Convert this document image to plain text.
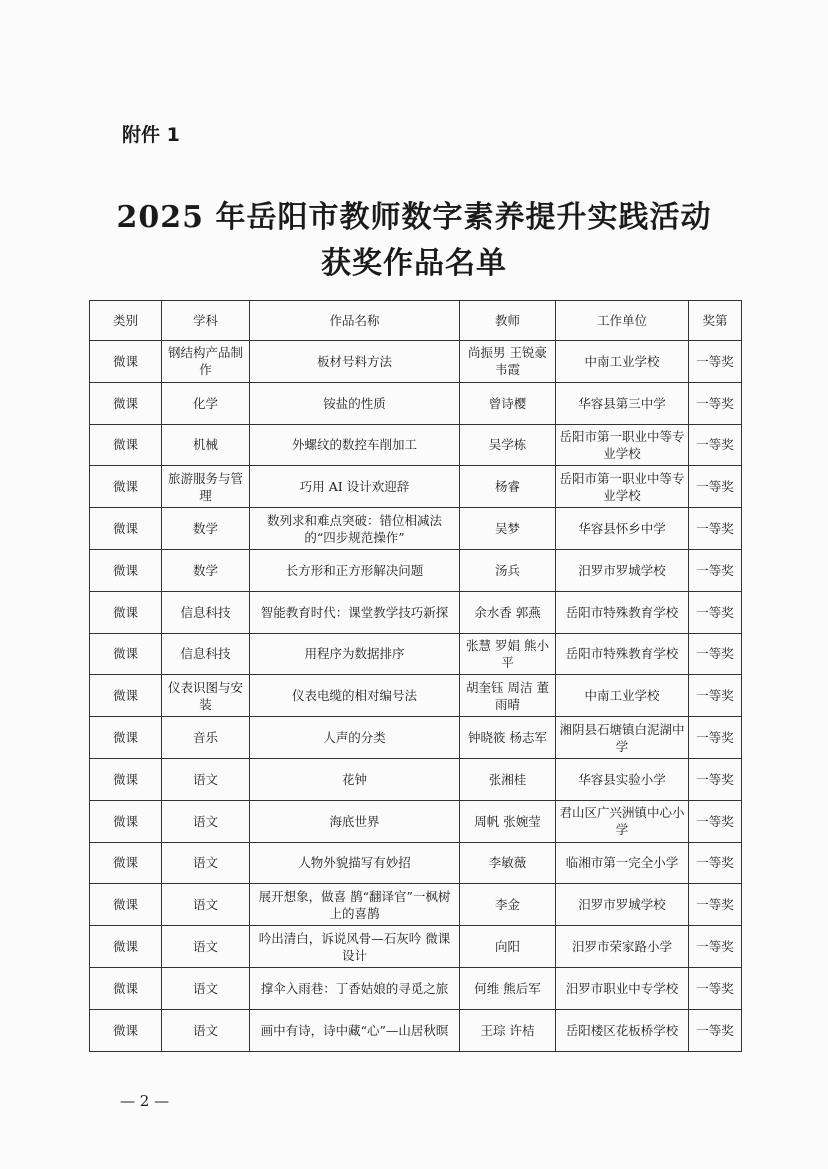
附件 1
2025 年岳阳市教师数字素养提升实践活动
获奖作品名单
类别	学科	作品名称	教师	工作单位	奖第
微课	钢结构产品制作	板材号料方法	尚振男 王锐豪 韦霞	中南工业学校	一等奖
微课	化学	铵盐的性质	曾诗樱	华容县第三中学	一等奖
微课	机械	外螺纹的数控车削加工	吴学栋	岳阳市第一职业中等专业学校	一等奖
微课	旅游服务与管理	巧用 AI 设计欢迎辞	杨睿	岳阳市第一职业中等专业学校	一等奖
微课	数学	数列求和难点突破：错位相减法的“四步规范操作”	吴梦	华容县怀乡中学	一等奖
微课	数学	长方形和正方形解决问题	汤兵	汨罗市罗城学校	一等奖
微课	信息科技	智能教育时代：课堂教学技巧新探	余水香 郭燕	岳阳市特殊教育学校	一等奖
微课	信息科技	用程序为数据排序	张慧 罗娟 熊小平	岳阳市特殊教育学校	一等奖
微课	仪表识图与安装	仪表电缆的相对编号法	胡奎钰 周洁 董雨晴	中南工业学校	一等奖
微课	音乐	人声的分类	钟晓筱 杨志军	湘阴县石塘镇白泥湖中学	一等奖
微课	语文	花钟	张湘桂	华容县实验小学	一等奖
微课	语文	海底世界	周帆 张婉莹	君山区广兴洲镇中心小学	一等奖
微课	语文	人物外貌描写有妙招	李敏薇	临湘市第一完全小学	一等奖
微课	语文	展开想象，做喜 鹊“翻译官”一枫树上的喜鹊	李金	汨罗市罗城学校	一等奖
微课	语文	吟出清白，诉说风骨—石灰吟 微课设计	向阳	汨罗市荣家路小学	一等奖
微课	语文	撑伞入雨巷：丁香姑娘的寻觅之旅	何维 熊后军	汨罗市职业中专学校	一等奖
微课	语文	画中有诗，诗中藏“心”—山居秋暝	王琮 许桔	岳阳楼区花板桥学校	一等奖
— 2 —
